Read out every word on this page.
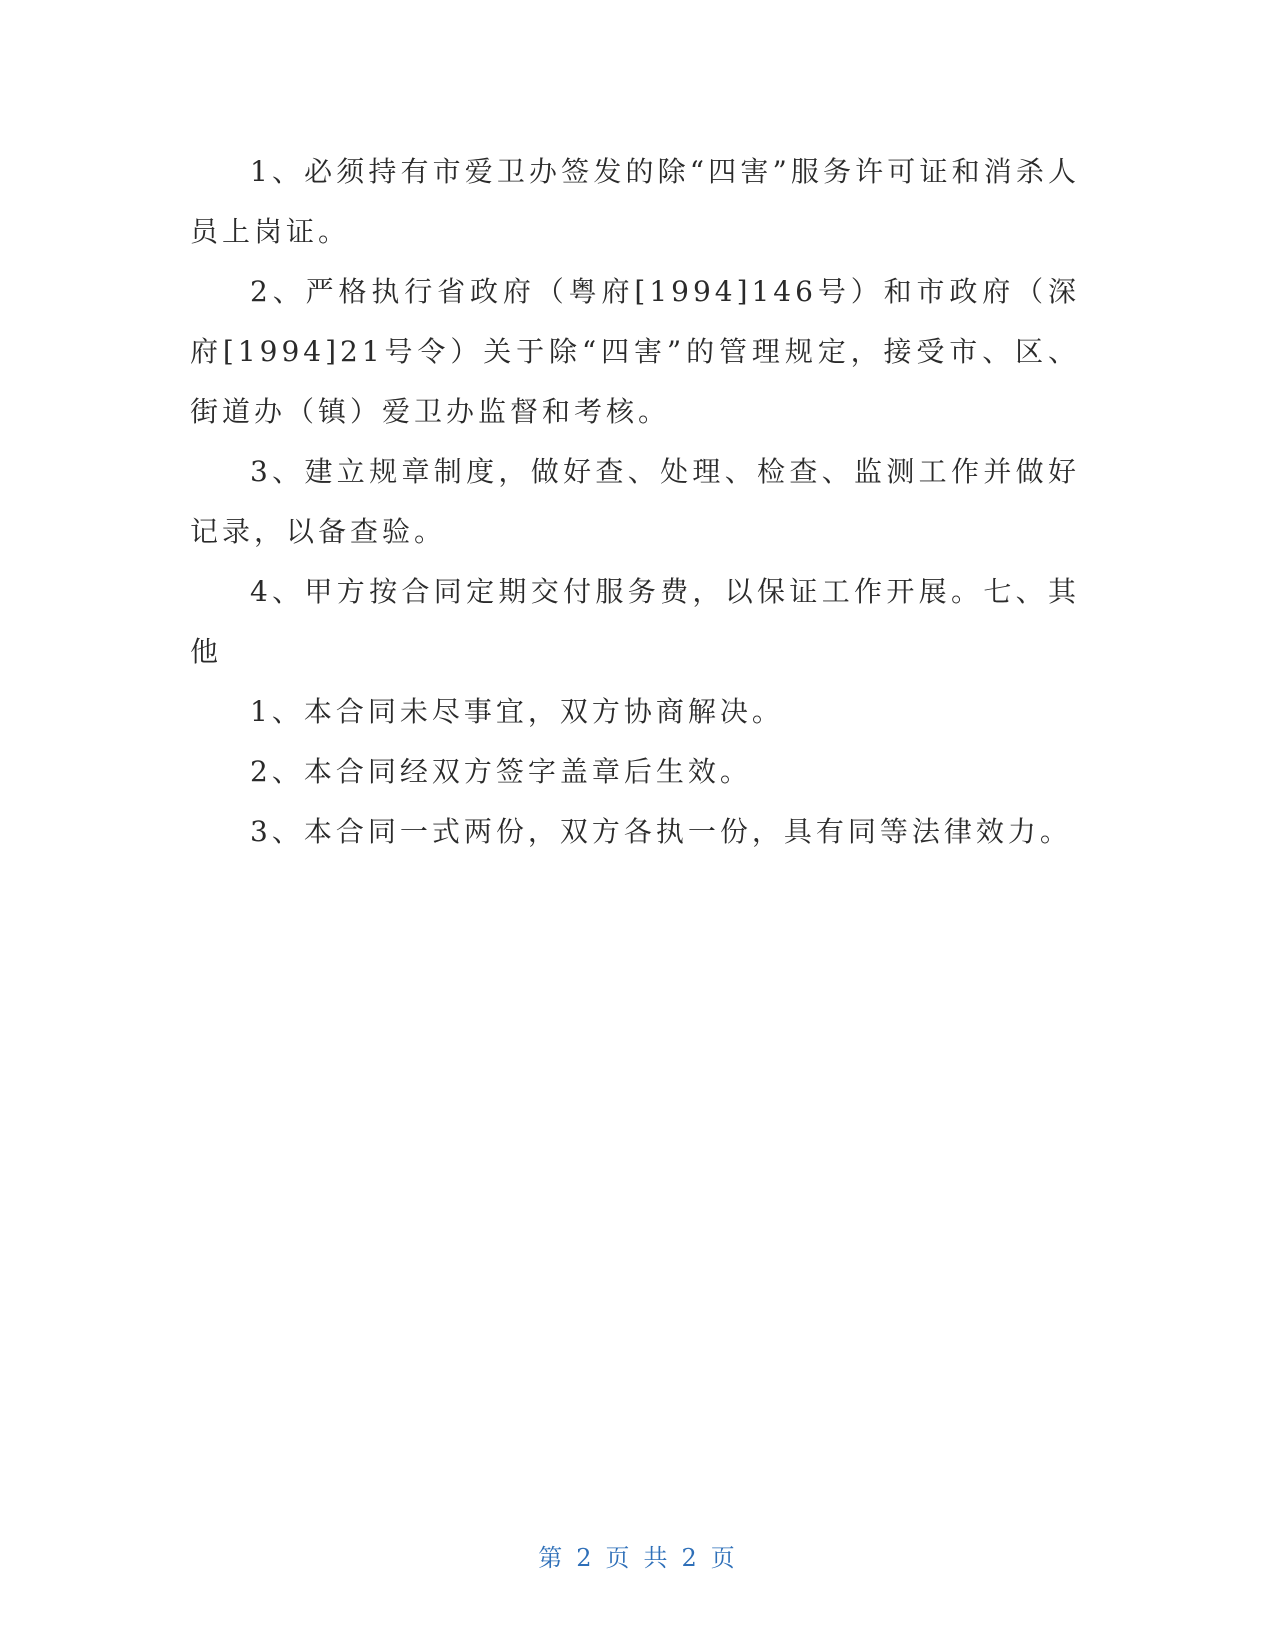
1、必须持有市爱卫办签发的除“四害”服务许可证和消杀人员上岗证。

2、严格执行省政府（粤府[1994]146号）和市政府（深府[1994]21号令）关于除“四害”的管理规定，接受市、区、街道办（镇）爱卫办监督和考核。

3、建立规章制度，做好查、处理、检查、监测工作并做好记录，以备查验。

4、甲方按合同定期交付服务费，以保证工作开展。七、其他

1、本合同未尽事宜，双方协商解决。

2、本合同经双方签字盖章后生效。

3、本合同一式两份，双方各执一份，具有同等法律效力。

第 2 页 共 2 页
